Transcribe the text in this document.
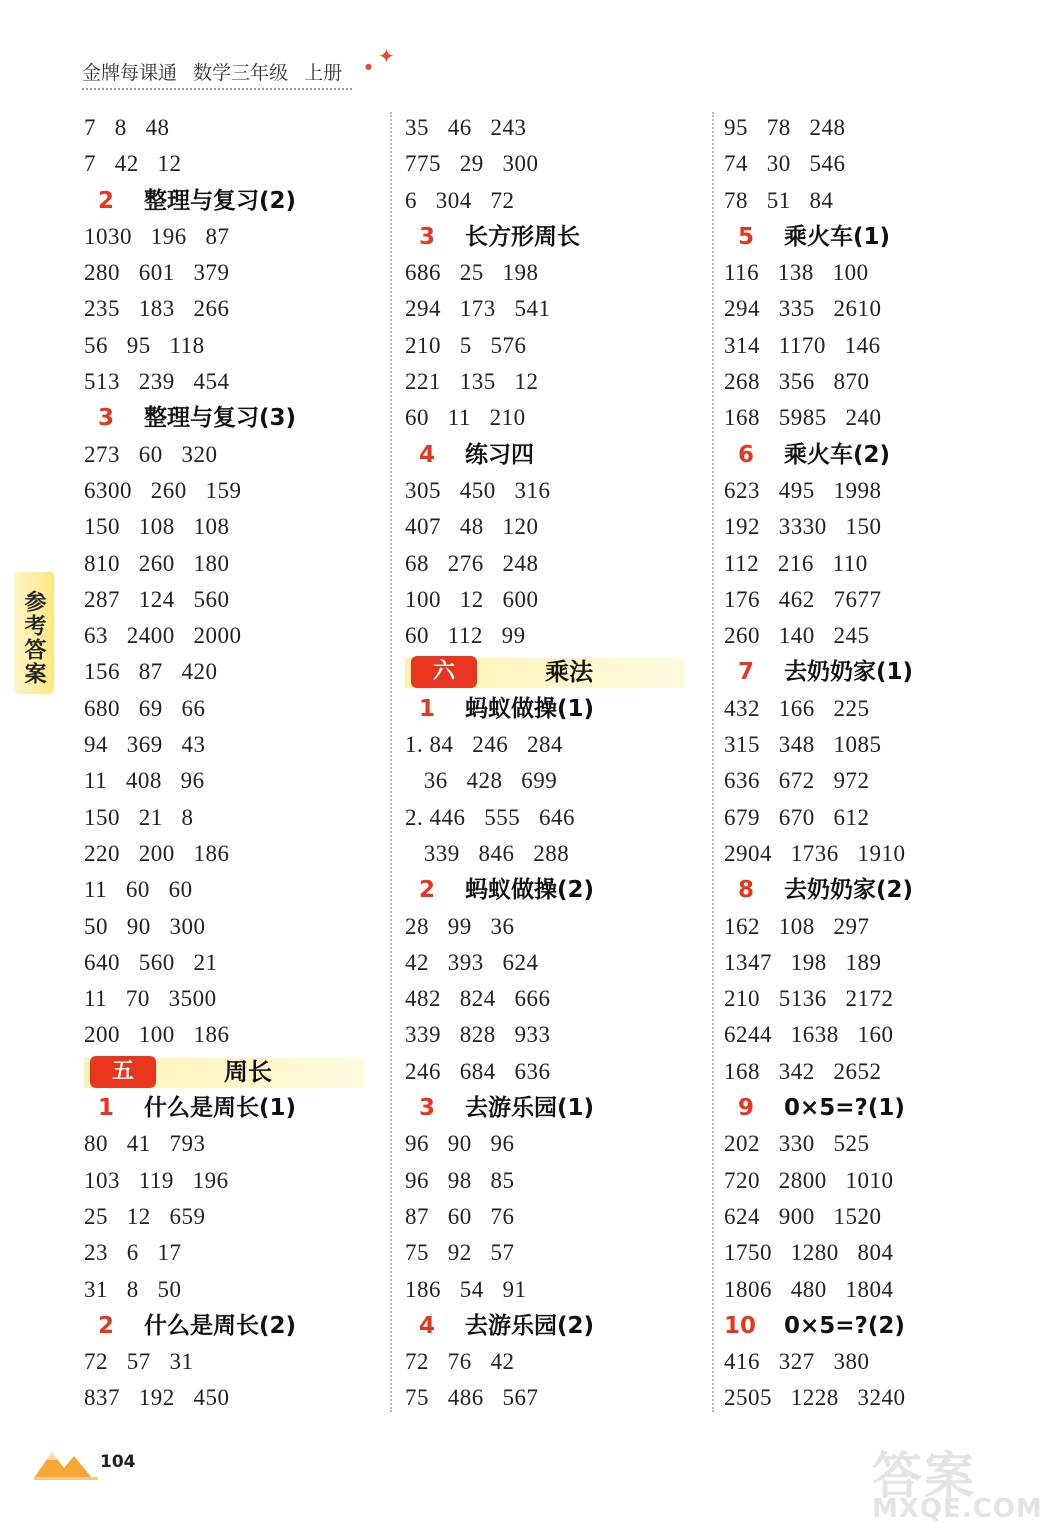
金牌每课通 数学三年级 上册
✦
●
参考答案
7   8   48
7   42   12
2 整理与复习(2)
1030   196   87
280   601   379
235   183   266
56   95   118
513   239   454
3 整理与复习(3)
273   60   320
6300   260   159
150   108   108
810   260   180
287   124   560
63   2400   2000
156   87   420
680   69   66
94   369   43
11   408   96
150   21   8
220   200   186
11   60   60
50   90   300
640   560   21
11   70   3500
200   100   186
五	周长
1 什么是周长(1)
80   41   793
103   119   196
25   12   659
23   6   17
31   8   50
2 什么是周长(2)
72   57   31
837   192   450
35   46   243
775   29   300
6   304   72
3 长方形周长
686   25   198
294   173   541
210   5   576
221   135   12
60   11   210
4 练习四
305   450   316
407   48   120
68   276   248
100   12   600
60   112   99
六	乘法
1 蚂蚁做操(1)
1. 84   246   284
36   428   699
2. 446   555   646
339   846   288
2 蚂蚁做操(2)
28   99   36
42   393   624
482   824   666
339   828   933
246   684   636
3 去游乐园(1)
96   90   96
96   98   85
87   60   76
75   92   57
186   54   91
4 去游乐园(2)
72   76   42
75   486   567
95   78   248
74   30   546
78   51   84
5 乘火车(1)
116   138   100
294   335   2610
314   1170   146
268   356   870
168   5985   240
6 乘火车(2)
623   495   1998
192   3330   150
112   216   110
176   462   7677
260   140   245
7 去奶奶家(1)
432   166   225
315   348   1085
636   672   972
679   670   612
2904   1736   1910
8 去奶奶家(2)
162   108   297
1347   198   189
210   5136   2172
6244   1638   160
168   342   2652
9 0×5=?(1)
202   330   525
720   2800   1010
624   900   1520
1750   1280   804
1806   480   1804
10 0×5=?(2)
416   327   380
2505   1228   3240
104	答案
MXQE.COM
